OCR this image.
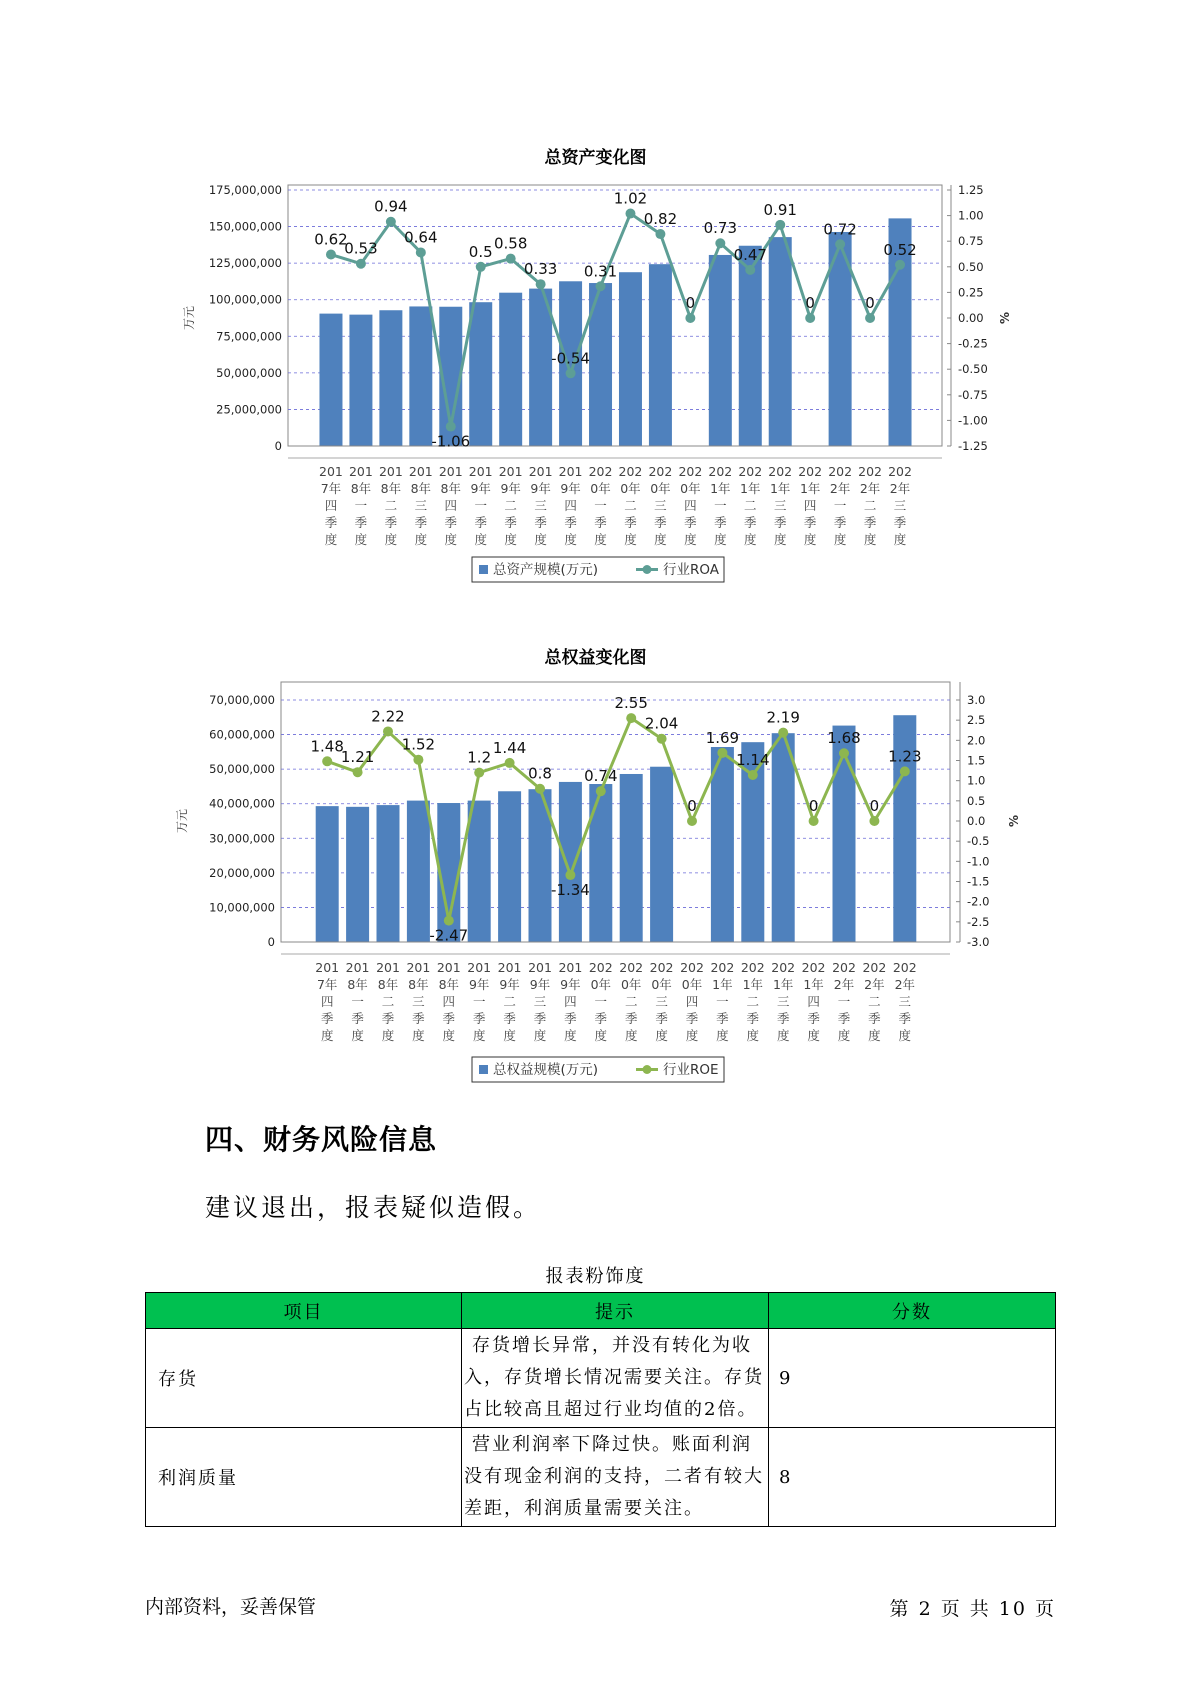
总资产变化图
0
25,000,000
50,000,000
75,000,000
100,000,000
125,000,000
150,000,000
175,000,000
-1.25
-1.00
-0.75
-0.50
-0.25
0.00
0.25
0.50
0.75
1.00
1.25
万元	%
201
7年
四
季
度
201
8年
一
季
度
201
8年
二
季
度
201
8年
三
季
度
201
8年
四
季
度
201
9年
一
季
度
201
9年
二
季
度
201
9年
三
季
度
201
9年
四
季
度
202
0年
一
季
度
202
0年
二
季
度
202
0年
三
季
度
202
0年
四
季
度
202
1年
一
季
度
202
1年
二
季
度
202
1年
三
季
度
202
1年
四
季
度
202
2年
一
季
度
202
2年
二
季
度
202
2年
三
季
度
0.62
0.53
0.94
0.64
-1.06
0.5 0.58
0.33
-0.54
0.31
1.02
0.82
0
0.73
0.47
0.91
0
0.72
0
0.52
总资产规模(万元)	行业ROA
总权益变化图
0
10,000,000
20,000,000
30,000,000
40,000,000
50,000,000
60,000,000
70,000,000
-3.0
-2.5
-2.0
-1.5
-1.0
-0.5
0.0
0.5
1.0
1.5
2.0
2.5
3.0
万元	%
201
7年
四
季
度
201
8年
一
季
度
201
8年
二
季
度
201
8年
三
季
度
201
8年
四
季
度
201
9年
一
季
度
201
9年
二
季
度
201
9年
三
季
度
201
9年
四
季
度
202
0年
一
季
度
202
0年
二
季
度
202
0年
三
季
度
202
0年
四
季
度
202
1年
一
季
度
202
1年
二
季
度
202
1年
三
季
度
202
1年
四
季
度
202
2年
一
季
度
202
2年
二
季
度
202
2年
三
季
度
1.48
1.21
2.22
1.52
-2.47
1.2
1.44
0.8
-1.34
0.74
2.55
2.04
0
1.69
1.14
2.19
0
1.68
0
1.23
总权益规模(万元)	行业ROE
四、财务风险信息
建议退出，报表疑似造假。
报表粉饰度
项目	提示	分数
存货	存货增长异常，并没有转化为收入，存货增长情况需要关注。存货占比较高且超过行业均值的2倍。	9
利润质量	营业利润率下降过快。账面利润没有现金利润的支持，二者有较大差距，利润质量需要关注。	8
内部资料，妥善保管	第 2 页 共 10 页
